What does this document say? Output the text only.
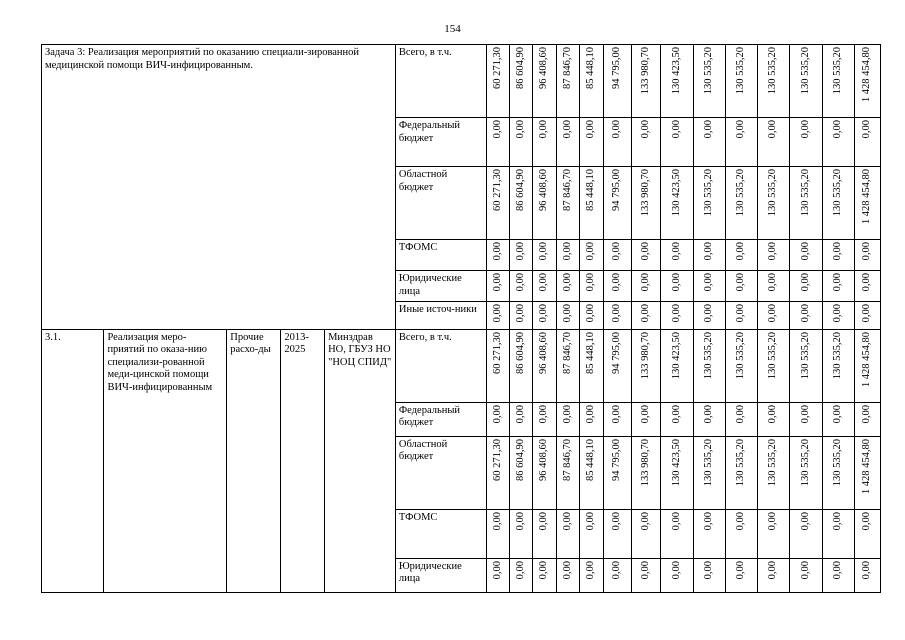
154
Задача 3: Реализация мероприятий по оказанию специали-зированной медицинской помощи ВИЧ-инфицированным.					Всего, в т.ч.	60 271,30	86 604,90	96 408,60	87 846,70	85 448,10	94 795,00	133 980,70	130 423,50	130 535,20	130 535,20	130 535,20	130 535,20	130 535,20	1 428 454,80
					Федеральный бюджет	0,00	0,00	0,00	0,00	0,00	0,00	0,00	0,00	0,00	0,00	0,00	0,00	0,00	0,00
					Областной бюджет	60 271,30	86 604,90	96 408,60	87 846,70	85 448,10	94 795,00	133 980,70	130 423,50	130 535,20	130 535,20	130 535,20	130 535,20	130 535,20	1 428 454,80
					ТФОМС	0,00	0,00	0,00	0,00	0,00	0,00	0,00	0,00	0,00	0,00	0,00	0,00	0,00	0,00
					Юридические лица	0,00	0,00	0,00	0,00	0,00	0,00	0,00	0,00	0,00	0,00	0,00	0,00	0,00	0,00
					Иные источ-ники	0,00	0,00	0,00	0,00	0,00	0,00	0,00	0,00	0,00	0,00	0,00	0,00	0,00	0,00
3.1.	Реализация меро-приятий по оказа-нию специализи-рованной меди-цинской помощи ВИЧ-инфицированным	Прочие расхо-ды	2013-2025	Минздрав НО, ГБУЗ НО "НОЦ СПИД"	Всего, в т.ч.	60 271,30	86 604,90	96 408,60	87 846,70	85 448,10	94 795,00	133 980,70	130 423,50	130 535,20	130 535,20	130 535,20	130 535,20	130 535,20	1 428 454,80
					Федеральный бюджет	0,00	0,00	0,00	0,00	0,00	0,00	0,00	0,00	0,00	0,00	0,00	0,00	0,00	0,00
					Областной бюджет	60 271,30	86 604,90	96 408,60	87 846,70	85 448,10	94 795,00	133 980,70	130 423,50	130 535,20	130 535,20	130 535,20	130 535,20	130 535,20	1 428 454,80
					ТФОМС	0,00	0,00	0,00	0,00	0,00	0,00	0,00	0,00	0,00	0,00	0,00	0,00	0,00	0,00
					Юридические лица	0,00	0,00	0,00	0,00	0,00	0,00	0,00	0,00	0,00	0,00	0,00	0,00	0,00	0,00
